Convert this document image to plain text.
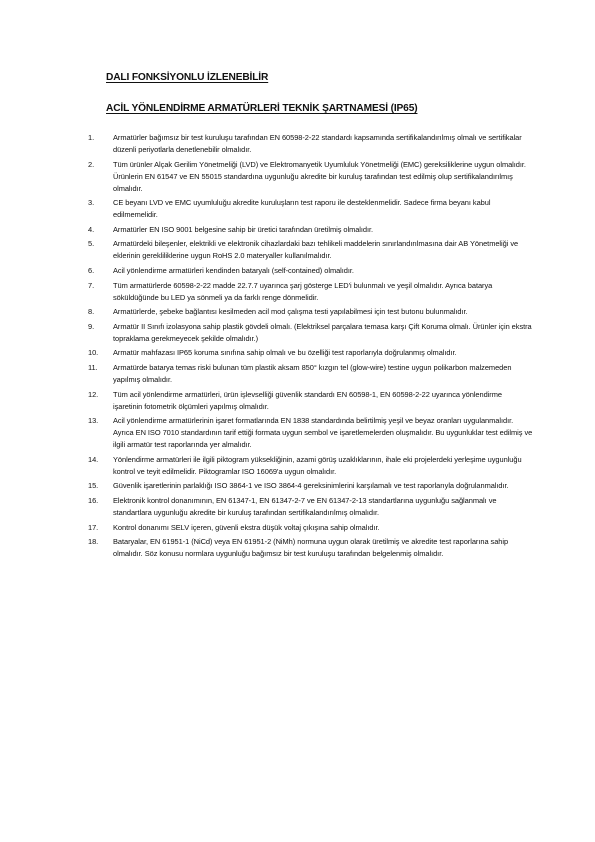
DALI FONKSİYONLU İZLENEBİLİR
ACİL YÖNLENDİRME ARMATÜRLERİ TEKNİK ŞARTNAMESİ (IP65)
1.	Armatürler bağımsız bir test kuruluşu tarafından EN 60598-2-22 standardı kapsamında sertifikalandırılmış olmalı ve sertifikalar düzenli periyotlarla denetlenebilir olmalıdır.
2.	Tüm ürünler Alçak Gerilim Yönetmeliği (LVD) ve Elektromanyetik Uyumluluk Yönetmeliği (EMC) gereksiliklerine uygun olmalıdır. Ürünlerin EN 61547 ve EN 55015 standardına uygunluğu akredite bir kuruluş tarafından test edilmiş olup sertifikalandırılmış olmalıdır.
3.	CE beyanı LVD ve EMC uyumluluğu akredite kuruluşların test raporu ile desteklenmelidir. Sadece firma beyanı kabul edilmemelidir.
4.	Armatürler EN ISO 9001 belgesine sahip bir üretici tarafından üretilmiş olmalıdır.
5.	Armatürdeki bileşenler, elektrikli ve elektronik cihazlardaki bazı tehlikeli maddelerin sınırlandırılmasına dair AB Yönetmeliği ve eklerinin gerekliliklerine uygun RoHS 2.0 materyaller kullanılmalıdır.
6.	Acil yönlendirme armatürleri kendinden bataryalı (self-contained) olmalıdır.
7.	Tüm armatürlerde 60598-2-22 madde 22.7.7 uyarınca şarj gösterge LED'i bulunmalı ve yeşil olmalıdır. Ayrıca batarya söküldüğünde bu LED ya sönmeli ya da farklı renge dönmelidir.
8.	Armatürlerde, şebeke bağlantısı kesilmeden acil mod çalışma testi yapılabilmesi için test butonu bulunmalıdır.
9.	Armatür II Sınıfı izolasyona sahip plastik gövdeli olmalı. (Elektriksel parçalara temasa karşı Çift Koruma olmalı. Ürünler için ekstra topraklama gerekmeyecek şekilde olmalıdır.)
10.	Armatür mahfazası IP65 koruma sınıfına sahip olmalı ve bu özelliği test raporlarıyla doğrulanmış olmalıdır.
11.	Armatürde batarya temas riski bulunan tüm plastik aksam 850° kızgın tel (glow-wire) testine uygun polikarbon malzemeden yapılmış olmalıdır.
12.	Tüm acil yönlendirme armatürleri, ürün işlevselliği güvenlik standardı EN 60598-1, EN 60598-2-22 uyarınca yönlendirme işaretinin fotometrik ölçümleri yapılmış olmalıdır.
13.	Acil yönlendirme armatürlerinin işaret formatlarında EN 1838 standardında belirtilmiş yeşil ve beyaz oranları uygulanmalıdır. Ayrıca EN ISO 7010 standardının tarif ettiği formata uygun sembol ve işaretlemelerden oluşmalıdır. Bu uygunluklar test edilmiş ve ilgili armatür test raporlarında yer almalıdır.
14.	Yönlendirme armatürleri ile ilgili piktogram yüksekliğinin, azami görüş uzaklıklarının, ihale eki projelerdeki yerleşime uygunluğu kontrol ve teyit edilmelidir. Piktogramlar ISO 16069'a uygun olmalıdır.
15.	Güvenlik işaretlerinin parlaklığı ISO 3864-1 ve ISO 3864-4 gereksinimlerini karşılamalı ve test raporlarıyla doğrulanmalıdır.
16.	Elektronik kontrol donanımının, EN 61347-1, EN 61347-2-7 ve EN 61347-2-13 standartlarına uygunluğu sağlanmalı ve standartlara uygunluğu akredite bir kuruluş tarafından sertifikalandırılmış olmalıdır.
17.	Kontrol donanımı SELV içeren, güvenli ekstra düşük voltaj çıkışına sahip olmalıdır.
18.	Bataryalar, EN 61951-1 (NiCd) veya EN 61951-2 (NiMh) normuna uygun olarak üretilmiş ve akredite test raporlarına sahip olmalıdır. Söz konusu normlara uygunluğu bağımsız bir test kuruluşu tarafından belgelenmiş olmalıdır.
